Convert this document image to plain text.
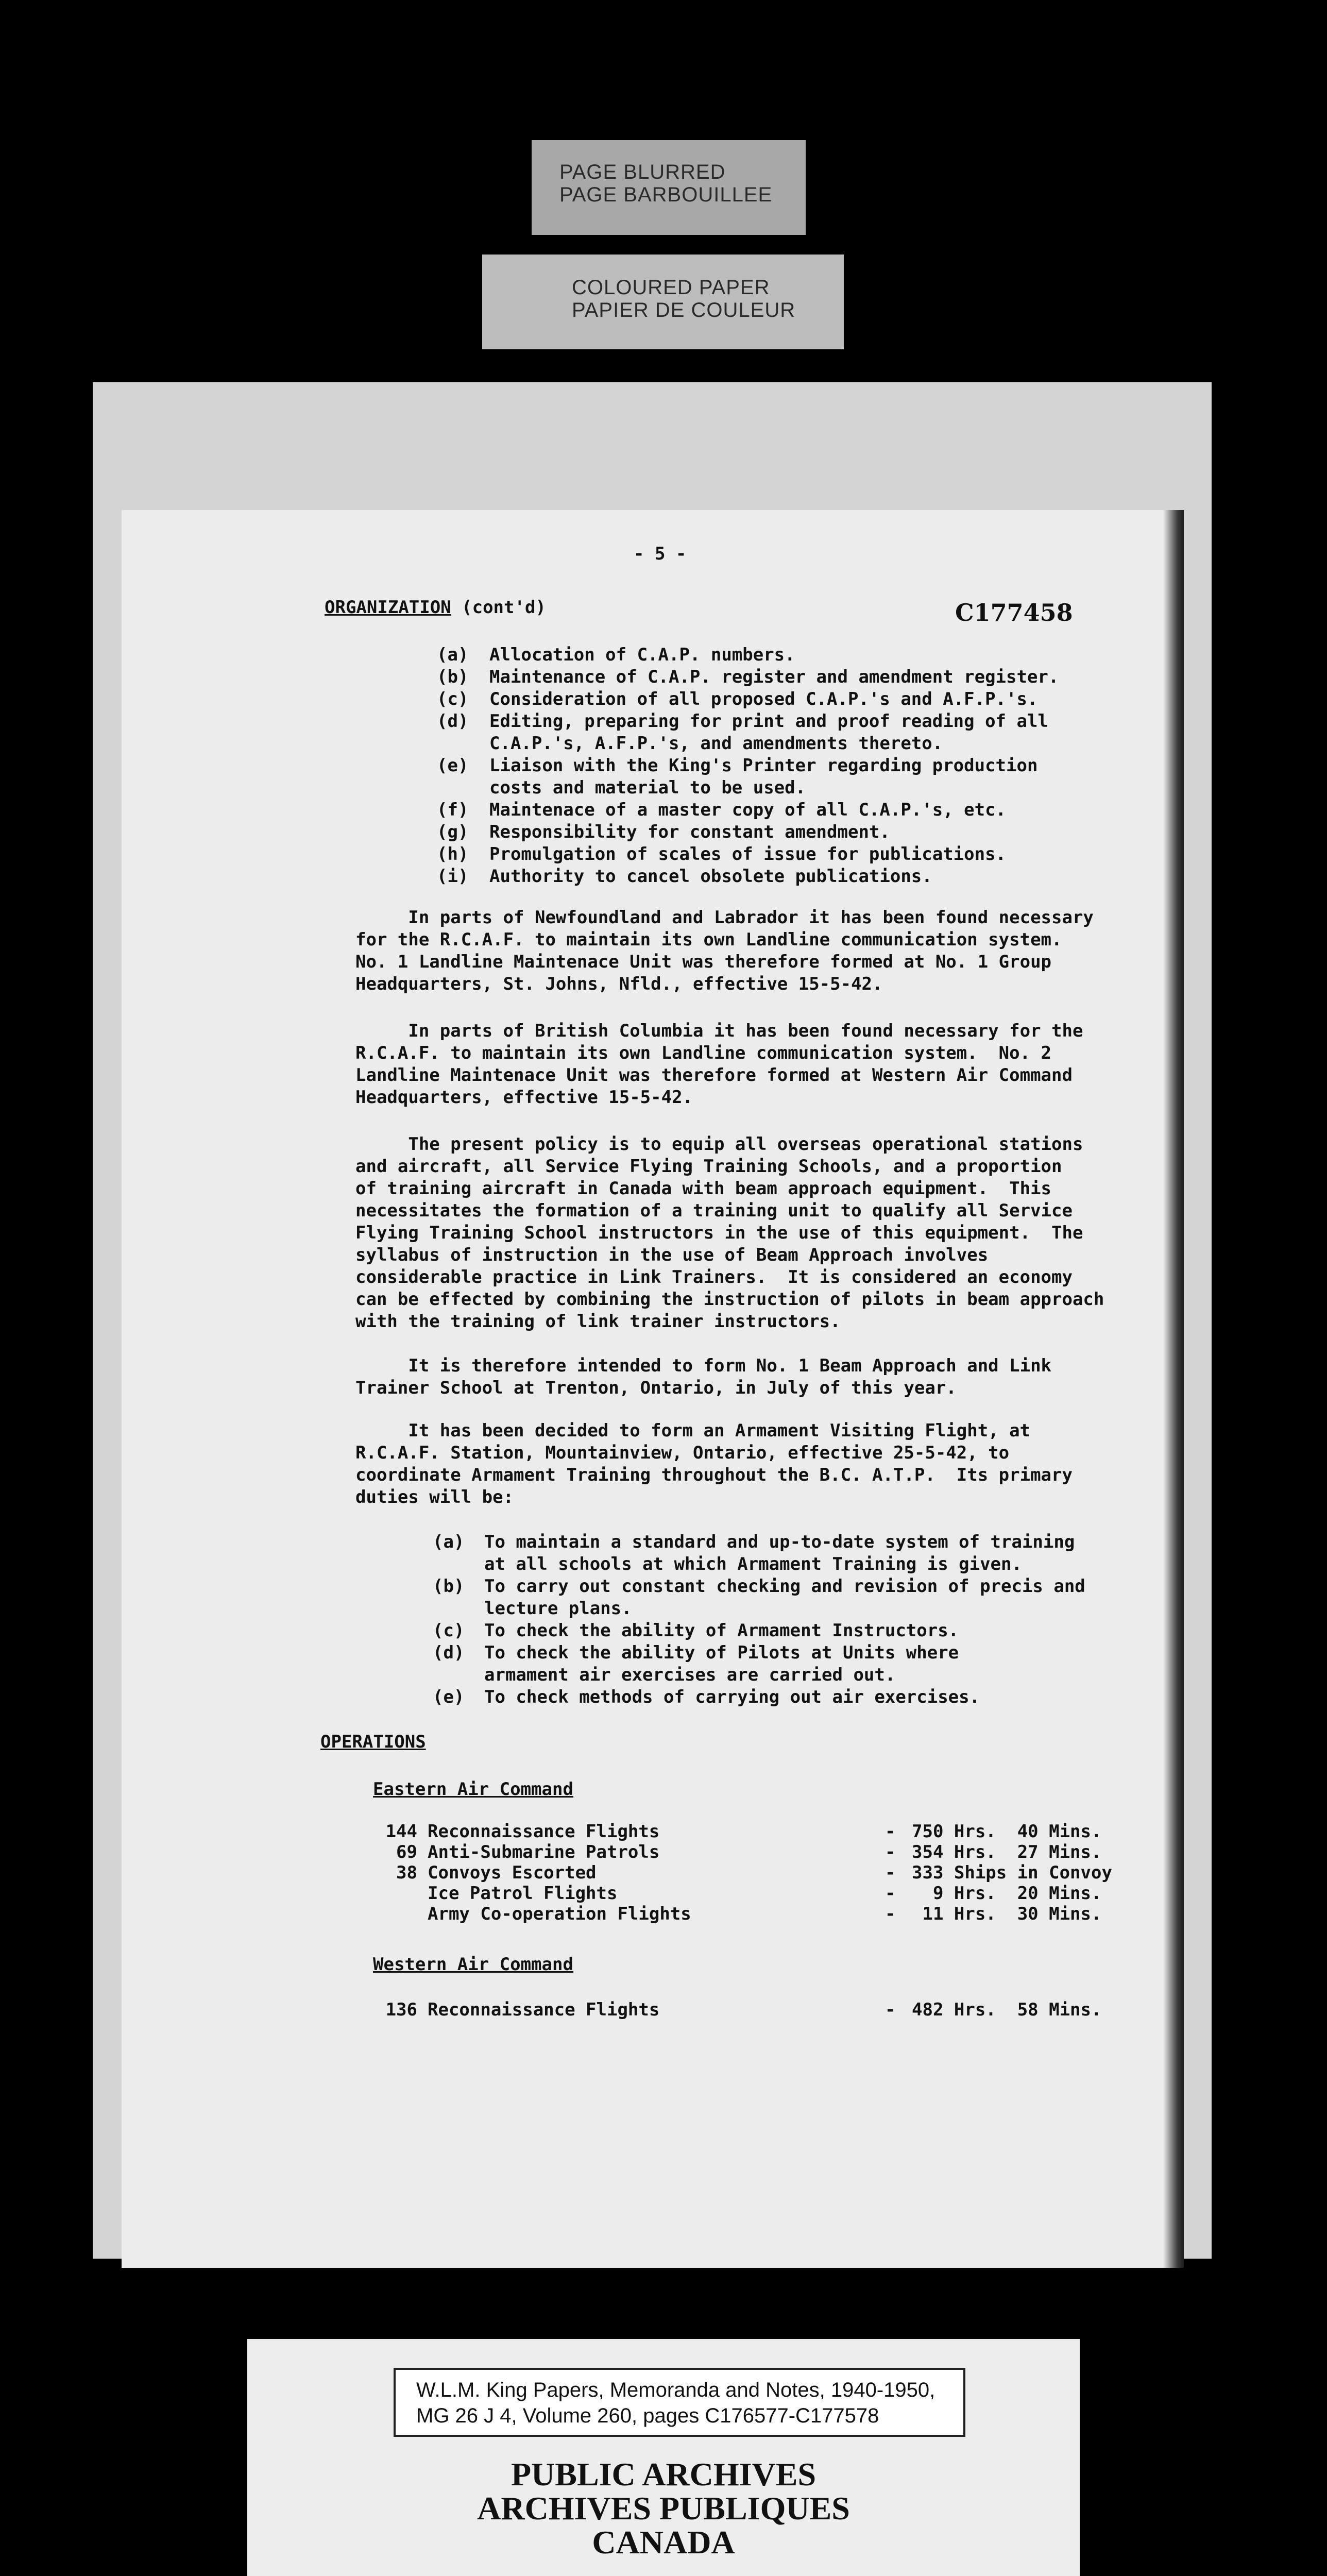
PAGE BLURRED
PAGE BARBOUILLEE
COLOURED PAPER
PAPIER DE COULEUR
- 5 -
ORGANIZATION (cont'd)	C177458
(a) Allocation of C.A.P. numbers.
(b) Maintenance of C.A.P. register and amendment register.
(c) Consideration of all proposed C.A.P.'s and A.F.P.'s.
(d) Editing, preparing for print and proof reading of all
C.A.P.'s, A.F.P.'s, and amendments thereto.
(e) Liaison with the King's Printer regarding production
costs and material to be used.
(f) Maintenace of a master copy of all C.A.P.'s, etc.
(g) Responsibility for constant amendment.
(h) Promulgation of scales of issue for publications.
(i) Authority to cancel obsolete publications.
In parts of Newfoundland and Labrador it has been found necessary
for the R.C.A.F. to maintain its own Landline communication system.
No. 1 Landline Maintenace Unit was therefore formed at No. 1 Group
Headquarters, St. Johns, Nfld., effective 15-5-42.
In parts of British Columbia it has been found necessary for the
R.C.A.F. to maintain its own Landline communication system.  No. 2
Landline Maintenace Unit was therefore formed at Western Air Command
Headquarters, effective 15-5-42.
The present policy is to equip all overseas operational stations
and aircraft, all Service Flying Training Schools, and a proportion
of training aircraft in Canada with beam approach equipment.  This
necessitates the formation of a training unit to qualify all Service
Flying Training School instructors in the use of this equipment.  The
syllabus of instruction in the use of Beam Approach involves
considerable practice in Link Trainers.  It is considered an economy
can be effected by combining the instruction of pilots in beam approach
with the training of link trainer instructors.
It is therefore intended to form No. 1 Beam Approach and Link
Trainer School at Trenton, Ontario, in July of this year.
It has been decided to form an Armament Visiting Flight, at
R.C.A.F. Station, Mountainview, Ontario, effective 25-5-42, to
coordinate Armament Training throughout the B.C. A.T.P.  Its primary
duties will be:
(a) To maintain a standard and up-to-date system of training
at all schools at which Armament Training is given.
(b) To carry out constant checking and revision of precis and
lecture plans.
(c) To check the ability of Armament Instructors.
(d) To check the ability of Pilots at Units where
armament air exercises are carried out.
(e) To check methods of carrying out air exercises.
OPERATIONS
Eastern Air Command
144 Reconnaissance Flights	- 750 Hrs.  40 Mins.
69 Anti-Submarine Patrols	- 354 Hrs.  27 Mins.
38 Convoys Escorted	- 333 Ships in Convoy
Ice Patrol Flights	- 9 Hrs.  20 Mins.
Army Co-operation Flights	- 11 Hrs.  30 Mins.
Western Air Command
136 Reconnaissance Flights	- 482 Hrs.  58 Mins.
W.L.M. King Papers, Memoranda and Notes, 1940-1950,
MG 26 J 4, Volume 260, pages C176577-C177578
PUBLIC ARCHIVES
ARCHIVES PUBLIQUES
CANADA
